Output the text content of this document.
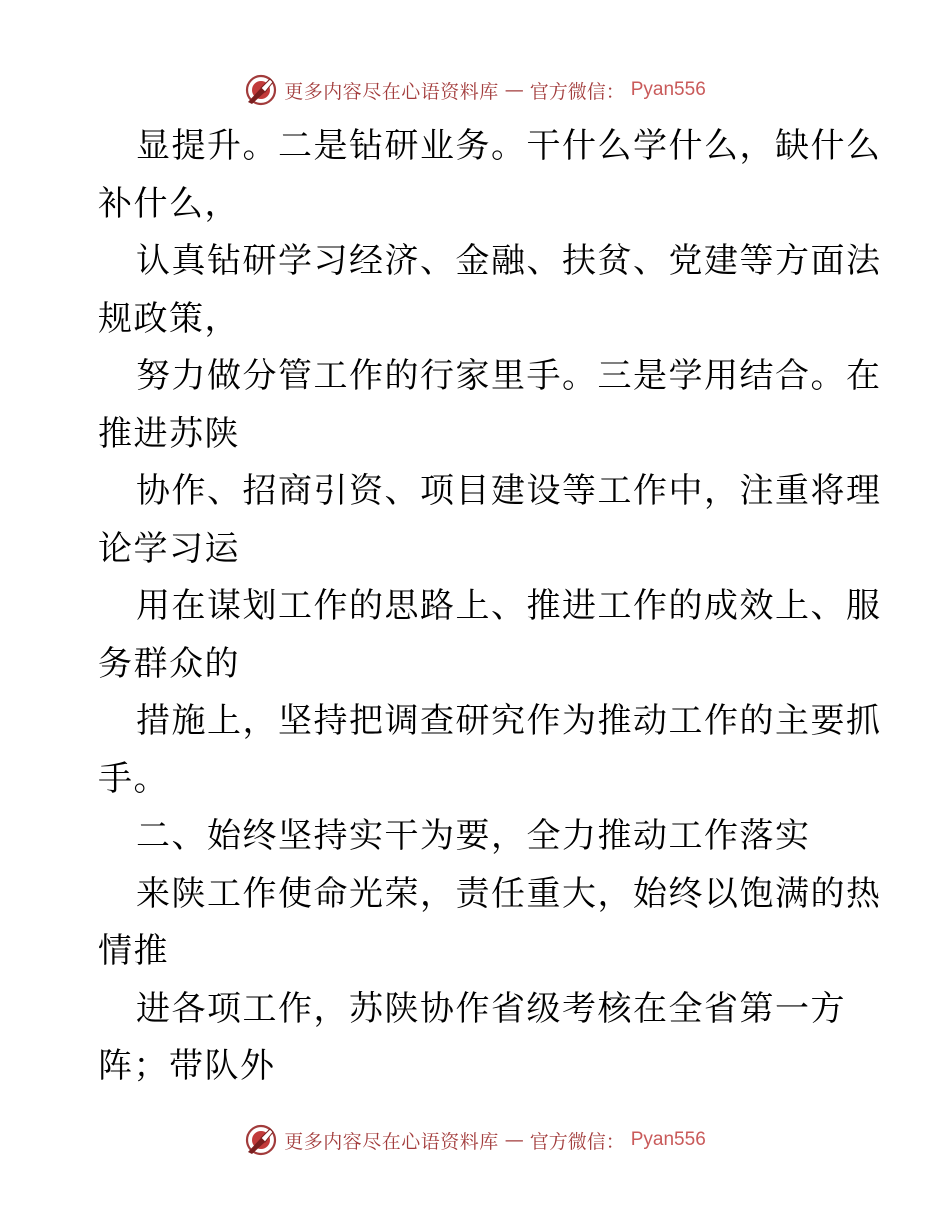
更多内容尽在心语资料库 — 官方微信： Pyan556
显提升。二是钻研业务。干什么学什么，缺什么
补什么，
认真钻研学习经济、金融、扶贫、党建等方面法
规政策，
努力做分管工作的行家里手。三是学用结合。在
推进苏陕
协作、招商引资、项目建设等工作中，注重将理
论学习运
用在谋划工作的思路上、推进工作的成效上、服
务群众的
措施上，坚持把调查研究作为推动工作的主要抓
手。
二、始终坚持实干为要，全力推动工作落实
来陕工作使命光荣，责任重大，始终以饱满的热
情推
进各项工作，苏陕协作省级考核在全省第一方
阵；带队外
更多内容尽在心语资料库 — 官方微信： Pyan556
